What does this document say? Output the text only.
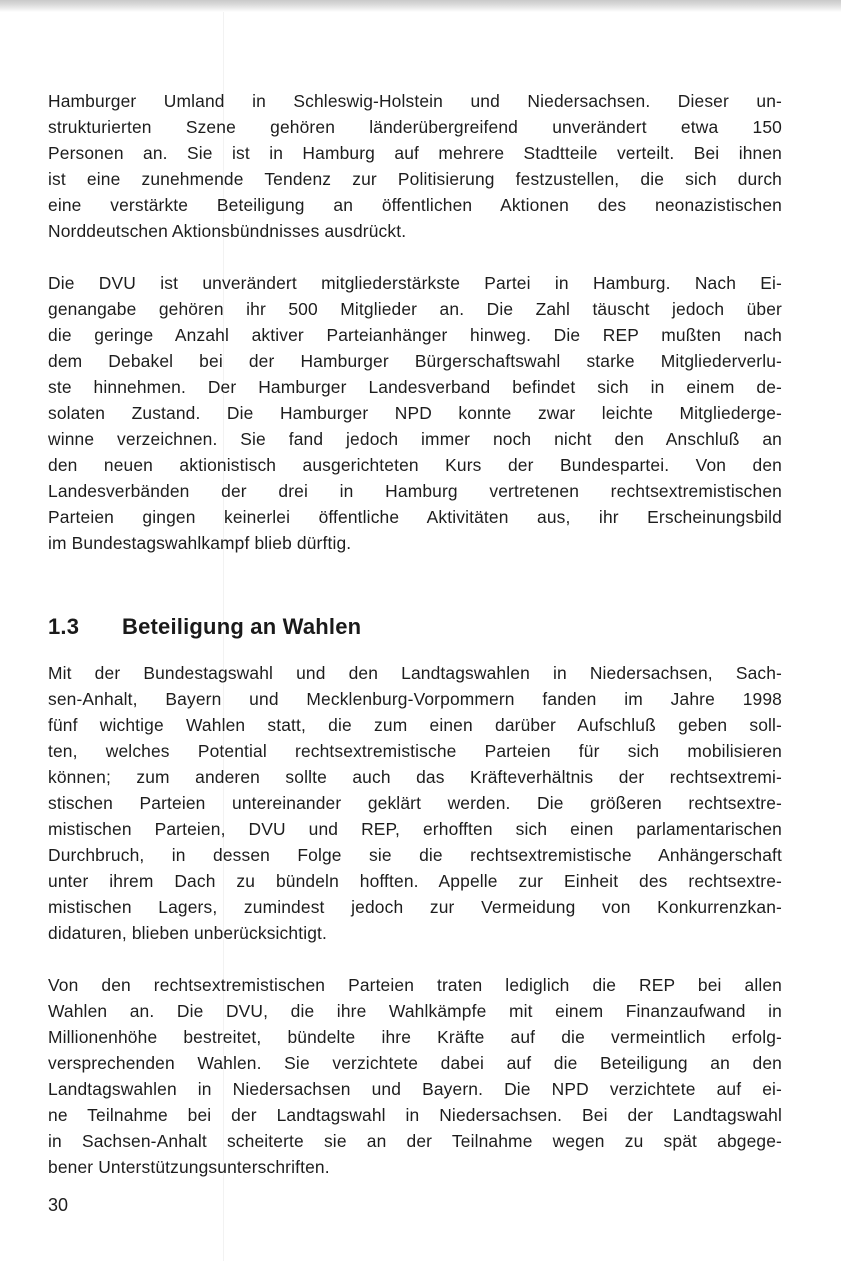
Hamburger Umland in Schleswig-Holstein und Niedersachsen. Dieser un-
strukturierten Szene gehören länderübergreifend unverändert etwa 150
Personen an. Sie ist in Hamburg auf mehrere Stadtteile verteilt. Bei ihnen
ist eine zunehmende Tendenz zur Politisierung festzustellen, die sich durch
eine verstärkte Beteiligung an öffentlichen Aktionen des neonazistischen
Norddeutschen Aktionsbündnisses ausdrückt.

Die DVU ist unverändert mitgliederstärkste Partei in Hamburg. Nach Ei-
genangabe gehören ihr 500 Mitglieder an. Die Zahl täuscht jedoch über
die geringe Anzahl aktiver Parteianhänger hinweg. Die REP mußten nach
dem Debakel bei der Hamburger Bürgerschaftswahl starke Mitgliederverlu-
ste hinnehmen. Der Hamburger Landesverband befindet sich in einem de-
solaten Zustand. Die Hamburger NPD konnte zwar leichte Mitgliederge-
winne verzeichnen. Sie fand jedoch immer noch nicht den Anschluß an
den neuen aktionistisch ausgerichteten Kurs der Bundespartei. Von den
Landesverbänden der drei in Hamburg vertretenen rechtsextremistischen
Parteien gingen keinerlei öffentliche Aktivitäten aus, ihr Erscheinungsbild
im Bundestagswahlkampf blieb dürftig.

1.3 Beteiligung an Wahlen

Mit der Bundestagswahl und den Landtagswahlen in Niedersachsen, Sach-
sen-Anhalt, Bayern und Mecklenburg-Vorpommern fanden im Jahre 1998
fünf wichtige Wahlen statt, die zum einen darüber Aufschluß geben soll-
ten, welches Potential rechtsextremistische Parteien für sich mobilisieren
können; zum anderen sollte auch das Kräfteverhältnis der rechtsextremi-
stischen Parteien untereinander geklärt werden. Die größeren rechtsextre-
mistischen Parteien, DVU und REP, erhofften sich einen parlamentarischen
Durchbruch, in dessen Folge sie die rechtsextremistische Anhängerschaft
unter ihrem Dach zu bündeln hofften. Appelle zur Einheit des rechtsextre-
mistischen Lagers, zumindest jedoch zur Vermeidung von Konkurrenzkan-
didaturen, blieben unberücksichtigt.

Von den rechtsextremistischen Parteien traten lediglich die REP bei allen
Wahlen an. Die DVU, die ihre Wahlkämpfe mit einem Finanzaufwand in
Millionenhöhe bestreitet, bündelte ihre Kräfte auf die vermeintlich erfolg-
versprechenden Wahlen. Sie verzichtete dabei auf die Beteiligung an den
Landtagswahlen in Niedersachsen und Bayern. Die NPD verzichtete auf ei-
ne Teilnahme bei der Landtagswahl in Niedersachsen. Bei der Landtagswahl
in Sachsen-Anhalt scheiterte sie an der Teilnahme wegen zu spät abgege-
bener Unterstützungsunterschriften.

30
